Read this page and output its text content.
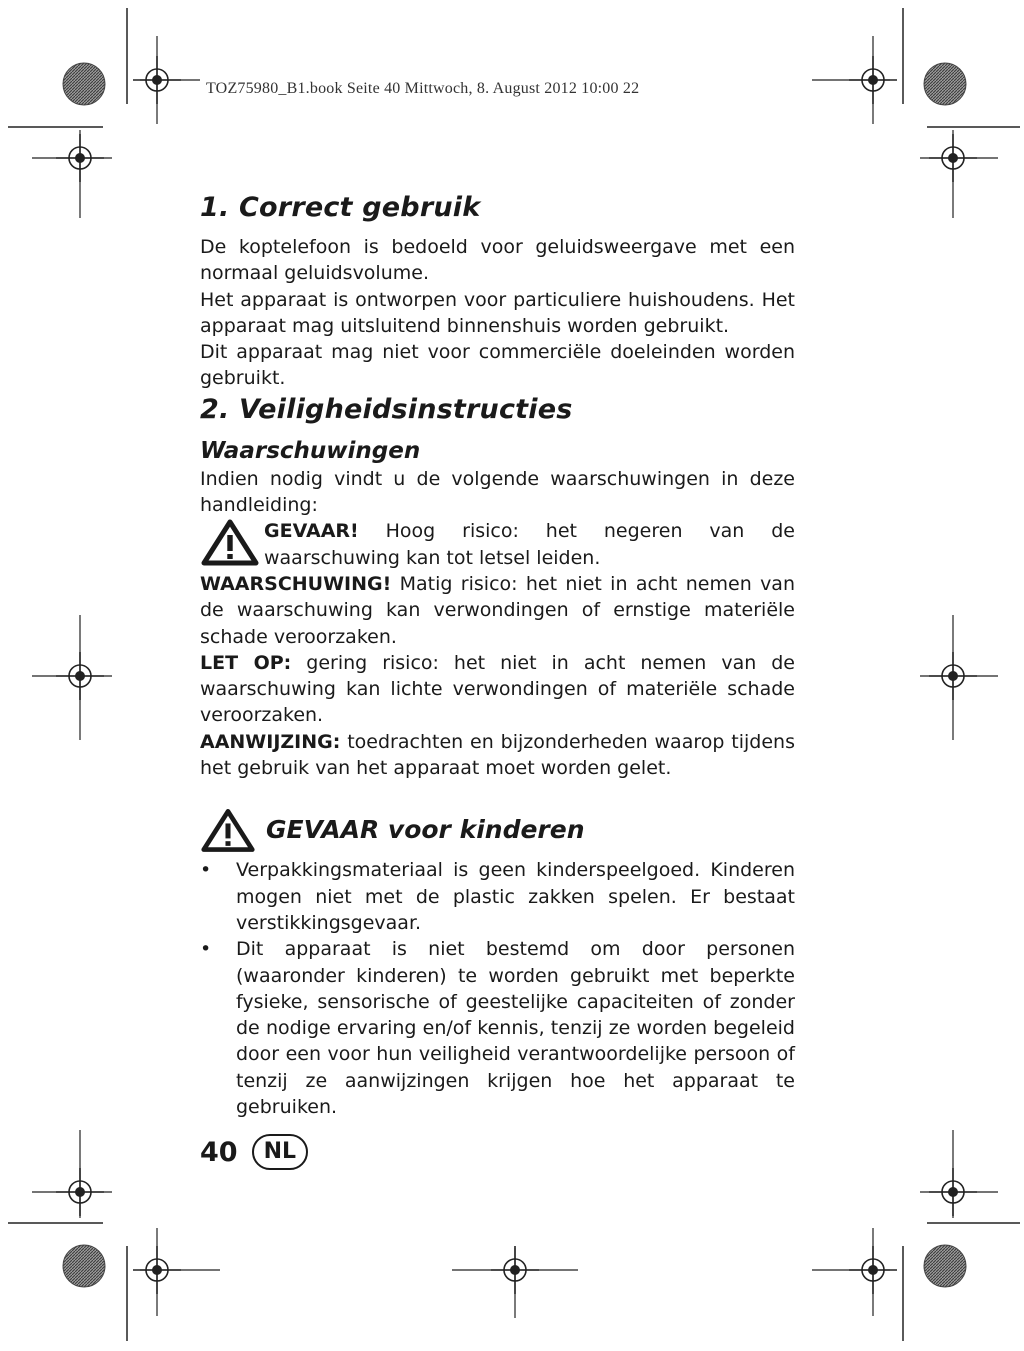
TOZ75980_B1.book Seite 40 Mittwoch, 8. August 2012 10:00 22
1. Correct gebruik

De koptelefoon is bedoeld voor geluidsweergave met een normaal geluidsvolume.

Het apparaat is ontworpen voor particuliere huishoudens. Het apparaat mag uitsluitend binnenshuis worden gebruikt.

Dit apparaat mag niet voor commerciële doeleinden worden gebruikt.

2. Veiligheidsinstructies
Waarschuwingen

Indien nodig vindt u de volgende waarschuwingen in deze handleiding:

GEVAAR! Hoog risico: het negeren van de waarschuwing kan tot letsel leiden.

WAARSCHUWING! Matig risico: het niet in acht nemen van de waarschuwing kan verwondingen of ernstige materiële schade veroorzaken.

LET OP: gering risico: het niet in acht nemen van de waarschuwing kan lichte verwondingen of materiële schade veroorzaken.

AANWIJZING: toedrachten en bijzonderheden waarop tijdens het gebruik van het apparaat moet worden gelet.

GEVAAR voor kinderen
• Verpakkingsmateriaal is geen kinderspeelgoed. Kinderen mogen niet met de plastic zakken spelen. Er bestaat verstikkingsgevaar.
• Dit apparaat is niet bestemd om door personen (waaronder kinderen) te worden gebruikt met beperkte fysieke, sensorische of geestelijke capaciteiten of zonder de nodige ervaring en/of kennis, tenzij ze worden begeleid door een voor hun veiligheid verantwoordelijke persoon of tenzij ze aanwijzingen krijgen hoe het apparaat te gebruiken.
40	NL
